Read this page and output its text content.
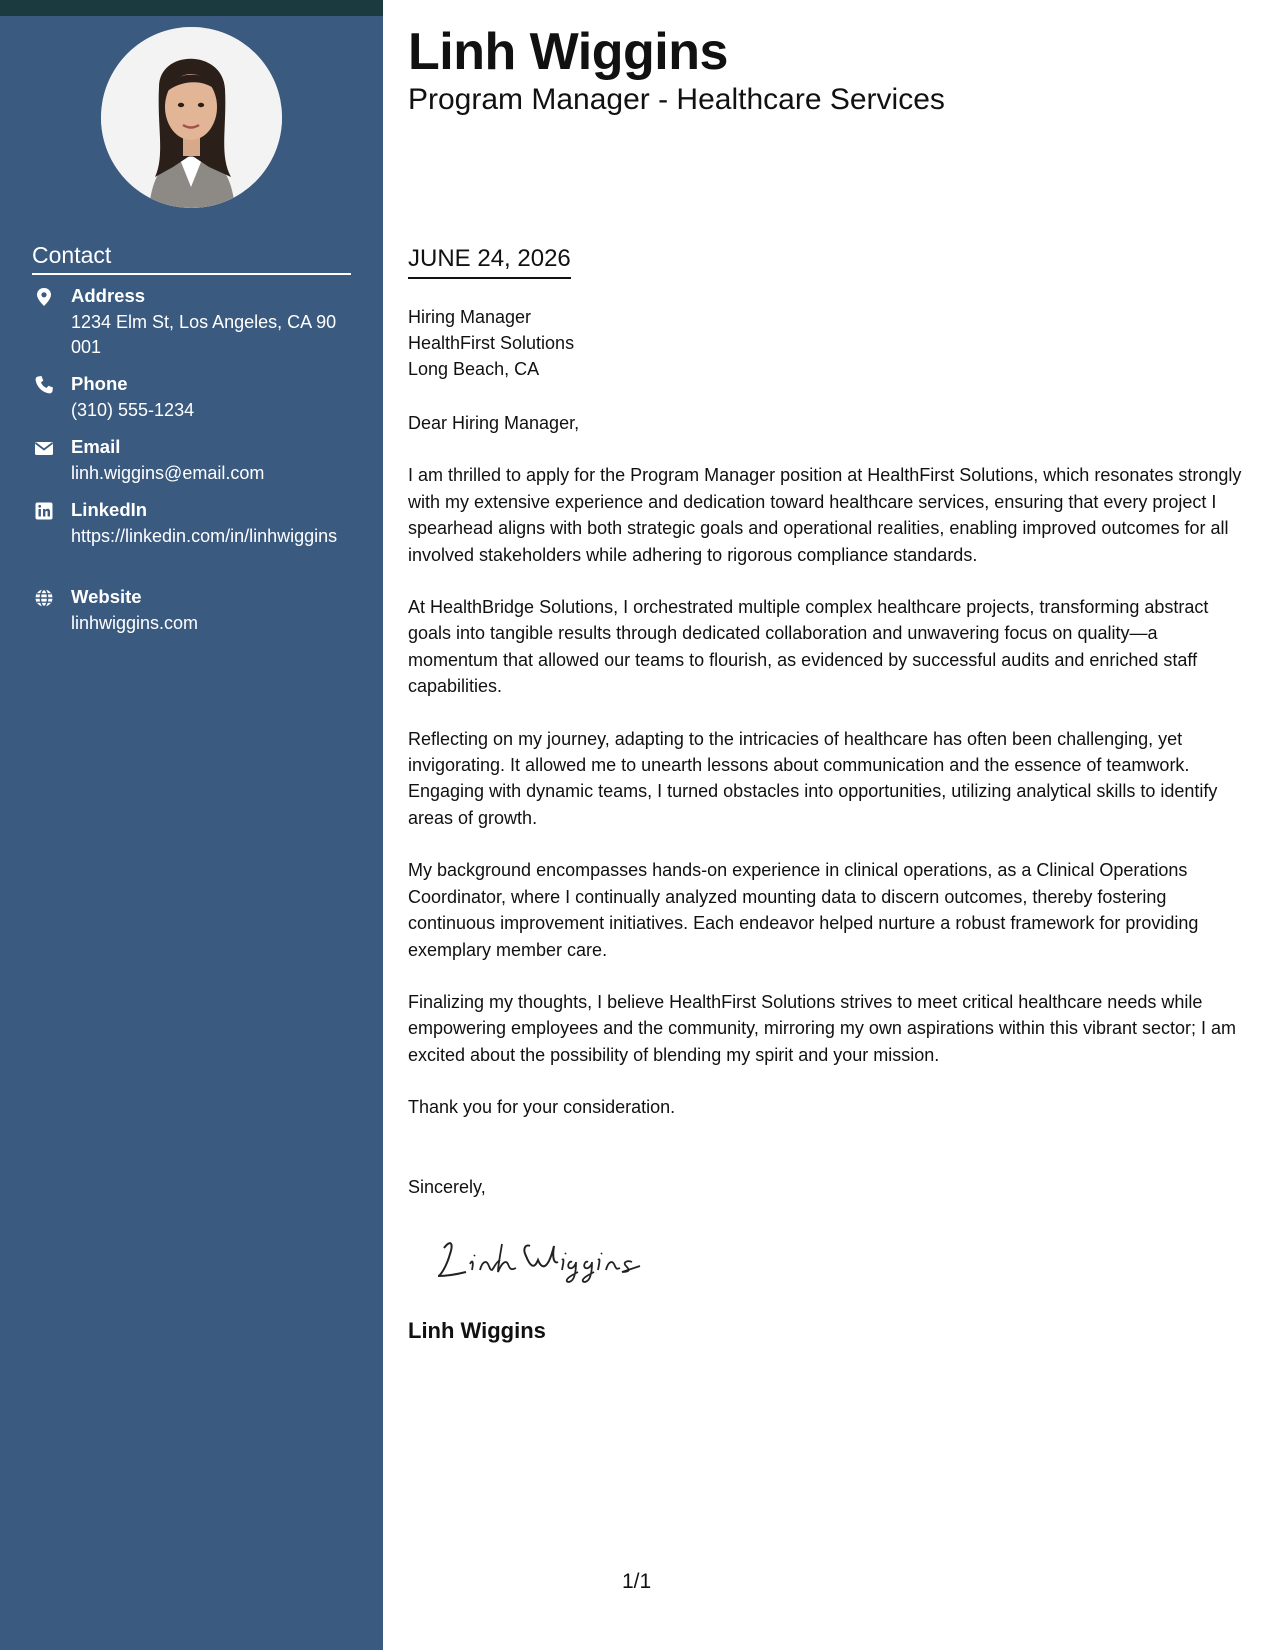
Contact
Address
1234 Elm St, Los Angeles, CA 90001
Phone
(310) 555-1234
Email
linh.wiggins@email.com
LinkedIn
https://linkedin.com/in/linhwiggins
Website
linhwiggins.com
Linh Wiggins
Program Manager - Healthcare Services
JUNE 24, 2026
Hiring Manager
HealthFirst Solutions
Long Beach, CA

Dear Hiring Manager,

I am thrilled to apply for the Program Manager position at HealthFirst Solutions, which resonates strongly with my extensive experience and dedication toward healthcare services, ensuring that every project I spearhead aligns with both strategic goals and operational realities, enabling improved outcomes for all involved stakeholders while adhering to rigorous compliance standards.

At HealthBridge Solutions, I orchestrated multiple complex healthcare projects, transforming abstract goals into tangible results through dedicated collaboration and unwavering focus on quality—a momentum that allowed our teams to flourish, as evidenced by successful audits and enriched staff capabilities.

Reflecting on my journey, adapting to the intricacies of healthcare has often been challenging, yet invigorating. It allowed me to unearth lessons about communication and the essence of teamwork. Engaging with dynamic teams, I turned obstacles into opportunities, utilizing analytical skills to identify areas of growth.

My background encompasses hands-on experience in clinical operations, as a Clinical Operations Coordinator, where I continually analyzed mounting data to discern outcomes, thereby fostering continuous improvement initiatives. Each endeavor helped nurture a robust framework for providing exemplary member care.

Finalizing my thoughts, I believe HealthFirst Solutions strives to meet critical healthcare needs while empowering employees and the community, mirroring my own aspirations within this vibrant sector; I am excited about the possibility of blending my spirit and your mission.

Thank you for your consideration.

Sincerely,
Linh Wiggins
1/1
